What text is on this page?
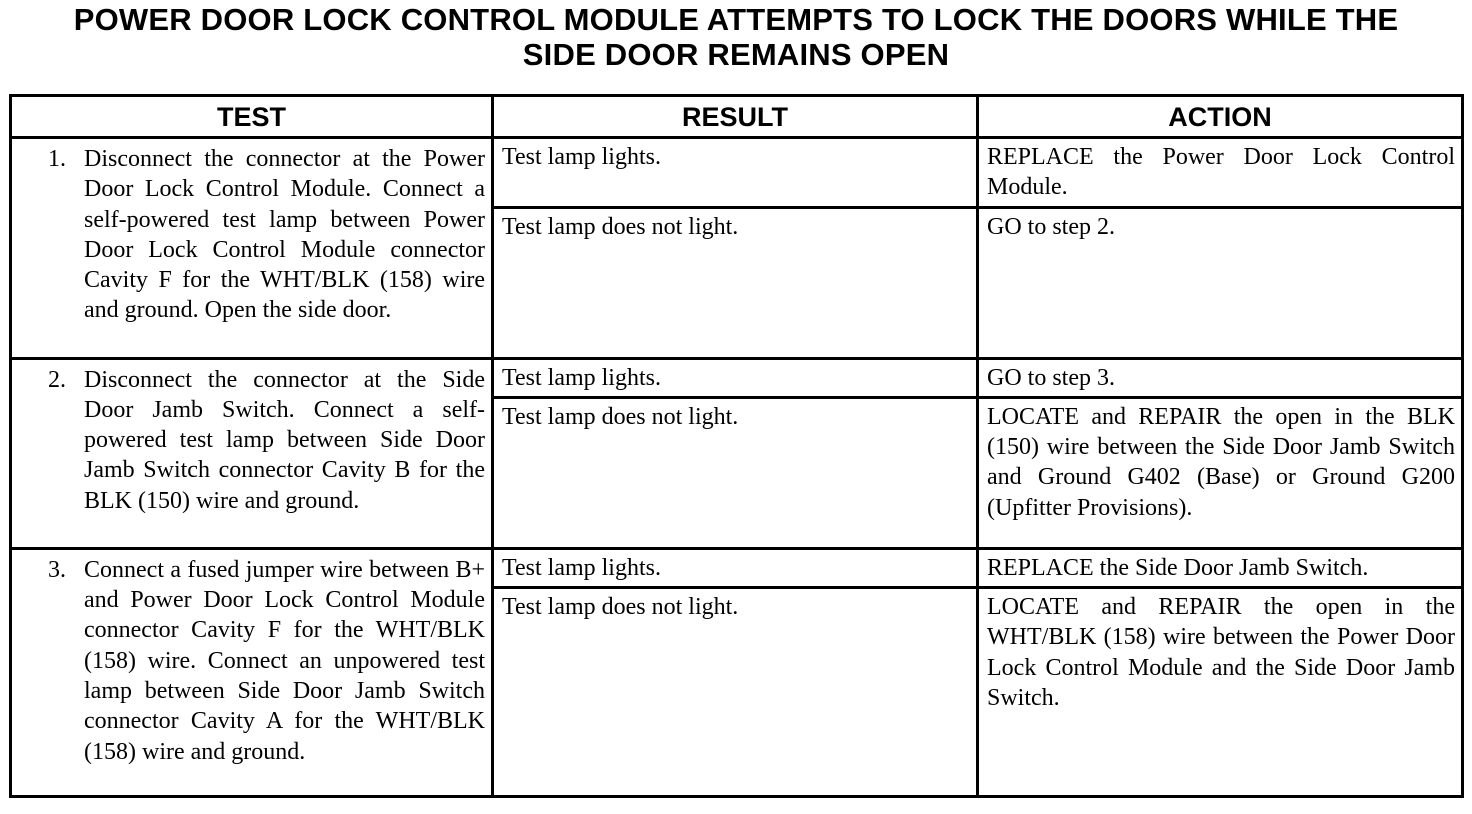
POWER DOOR LOCK CONTROL MODULE ATTEMPTS TO LOCK THE DOORS WHILE THE
SIDE DOOR REMAINS OPEN
TEST	RESULT	ACTION

1. Disconnect the connector at the Power Door Lock Control Module. Connect a self-powered test lamp between Power Door Lock Control Module connector Cavity F for the WHT/BLK (158) wire and ground. Open the side door.	Test lamp lights.	REPLACE the Power Door Lock Control Module.

	Test lamp does not light.	GO to step 2.

2. Disconnect the connector at the Side Door Jamb Switch. Connect a self-powered test lamp between Side Door Jamb Switch connector Cavity B for the BLK (150) wire and ground.	Test lamp lights.	GO to step 3.

	Test lamp does not light.	LOCATE and REPAIR the open in the BLK (150) wire between the Side Door Jamb Switch and Ground G402 (Base) or Ground G200 (Upfitter Provisions).

3. Connect a fused jumper wire between B+ and Power Door Lock Control Module connector Cavity F for the WHT/BLK (158) wire. Connect an unpowered test lamp between Side Door Jamb Switch connector Cavity A for the WHT/BLK (158) wire and ground.	Test lamp lights.	REPLACE the Side Door Jamb Switch.

	Test lamp does not light.	LOCATE and REPAIR the open in the WHT/BLK (158) wire between the Power Door Lock Control Module and the Side Door Jamb Switch.
